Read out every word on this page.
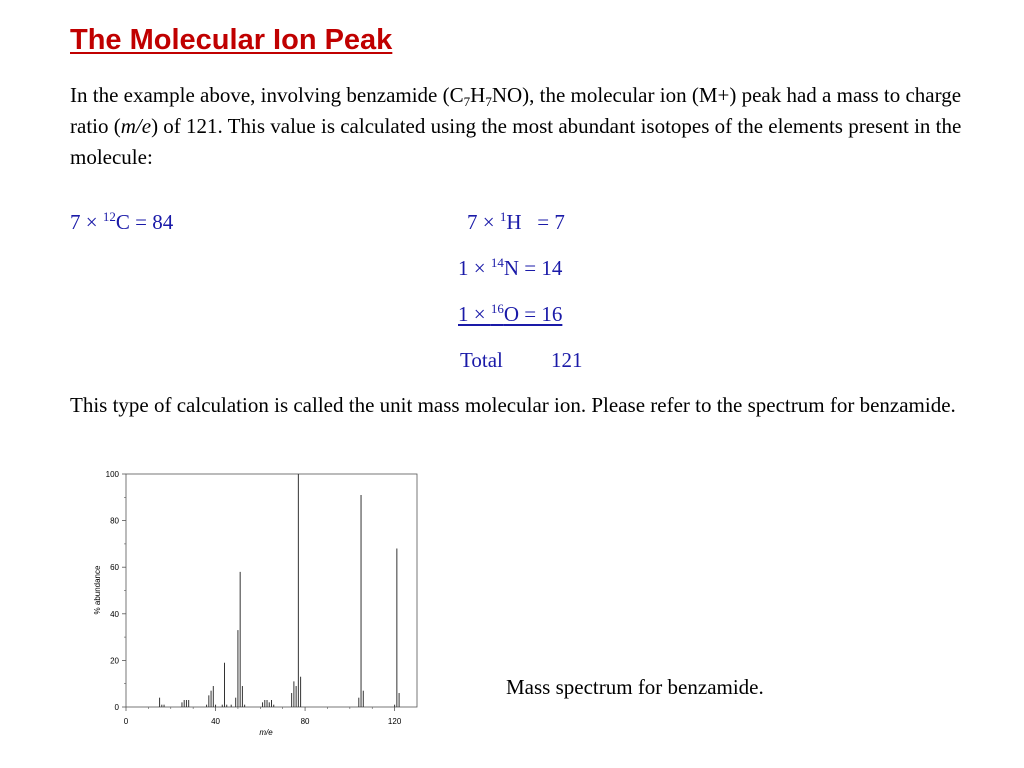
The Molecular Ion Peak

In the example above, involving benzamide $(C_7H_7NO)$, the molecular ion (M+) peak had a mass to charge ratio (m/e) of 121. This value is calculated using the most abundant isotopes of the elements present in the molecule:

7 × $^{12}$C = 84	7 × $^1$H   = 7
1 × $^{14}$N = 14
1 × $^{16}$O = 16
Total 121

This type of calculation is called the unit mass molecular ion. Please refer to the spectrum for benzamide.

0
20
40
60
80
100
0	40	80	120
% abundance
m/e
Mass spectrum for benzamide.
